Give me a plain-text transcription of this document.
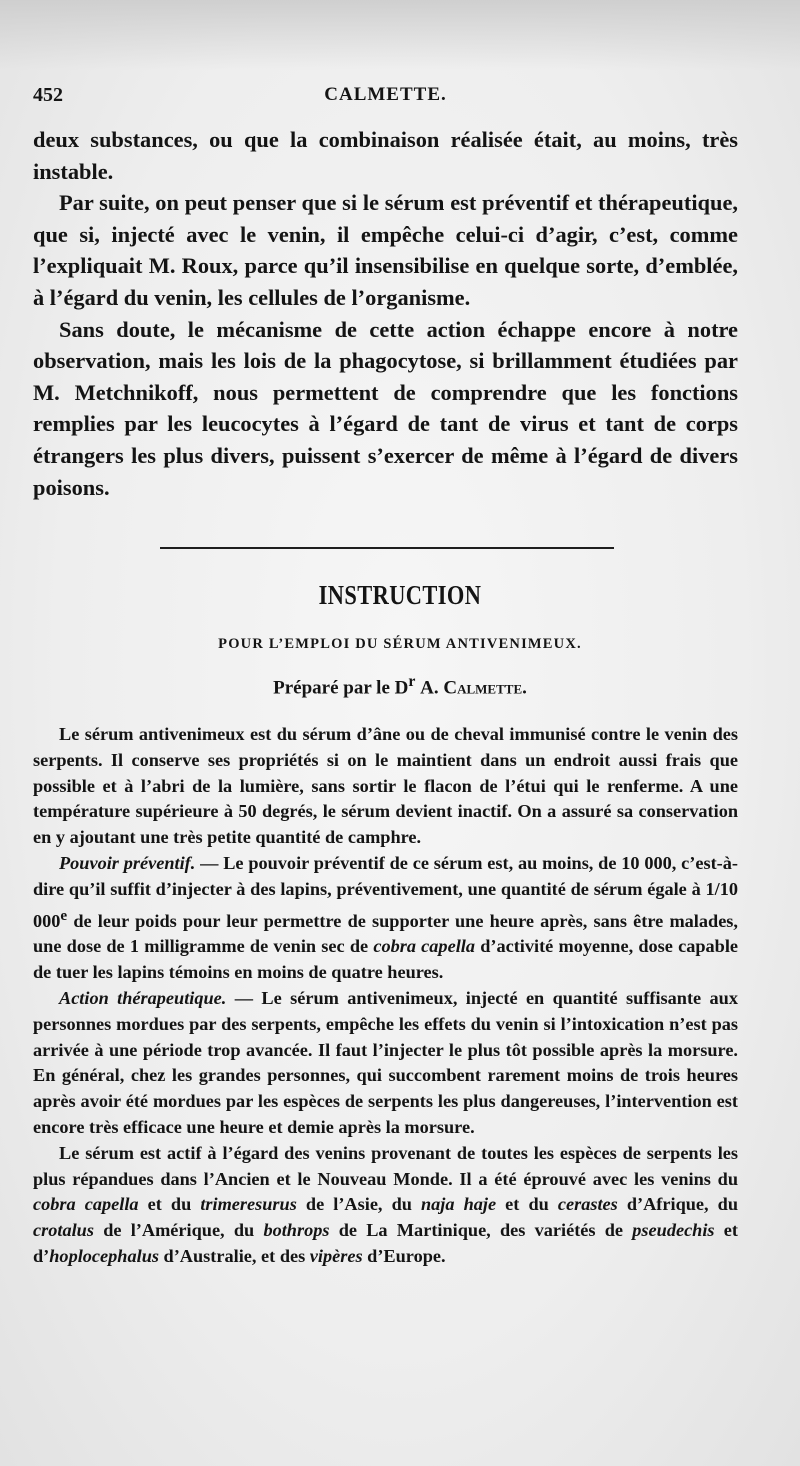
452	CALMETTE.

deux substances, ou que la combinaison réalisée était, au moins, très instable.

Par suite, on peut penser que si le sérum est préventif et thérapeutique, que si, injecté avec le venin, il empêche celui-ci d’agir, c’est, comme l’expliquait M. Roux, parce qu’il insensibilise en quelque sorte, d’emblée, à l’égard du venin, les cellules de l’organisme.

Sans doute, le mécanisme de cette action échappe encore à notre observation, mais les lois de la phagocytose, si brillamment étudiées par M. Metchnikoff, nous permettent de comprendre que les fonctions remplies par les leucocytes à l’égard de tant de virus et tant de corps étrangers les plus divers, puissent s’exercer de même à l’égard de divers poisons.

INSTRUCTION
POUR L’EMPLOI DU SÉRUM ANTIVENIMEUX.
Préparé par le $D^r$ A. Calmette.

Le sérum antivenimeux est du sérum d’âne ou de cheval immunisé contre le venin des serpents. Il conserve ses propriétés si on le maintient dans un endroit aussi frais que possible et à l’abri de la lumière, sans sortir le flacon de l’étui qui le renferme. A une température supérieure à 50 degrés, le sérum devient inactif. On a assuré sa conservation en y ajoutant une très petite quantité de camphre.

Pouvoir préventif. — Le pouvoir préventif de ce sérum est, au moins, de 10 000, c’est-à-dire qu’il suffit d’injecter à des lapins, préventivement, une quantité de sérum égale à 1/10 000e de leur poids pour leur permettre de supporter une heure après, sans être malades, une dose de 1 milligramme de venin sec de cobra capella d’activité moyenne, dose capable de tuer les lapins témoins en moins de quatre heures.

Action thérapeutique. — Le sérum antivenimeux, injecté en quantité suffisante aux personnes mordues par des serpents, empêche les effets du venin si l’intoxication n’est pas arrivée à une période trop avancée. Il faut l’injecter le plus tôt possible après la morsure. En général, chez les grandes personnes, qui succombent rarement moins de trois heures après avoir été mordues par les espèces de serpents les plus dangereuses, l’intervention est encore très efficace une heure et demie après la morsure.

Le sérum est actif à l’égard des venins provenant de toutes les espèces de serpents les plus répandues dans l’Ancien et le Nouveau Monde. Il a été éprouvé avec les venins du cobra capella et du trimeresurus de l’Asie, du naja haje et du cerastes d’Afrique, du crotalus de l’Amérique, du bothrops de La Martinique, des variétés de pseudechis et d’hoplocephalus d’Australie, et des vipères d’Europe.
